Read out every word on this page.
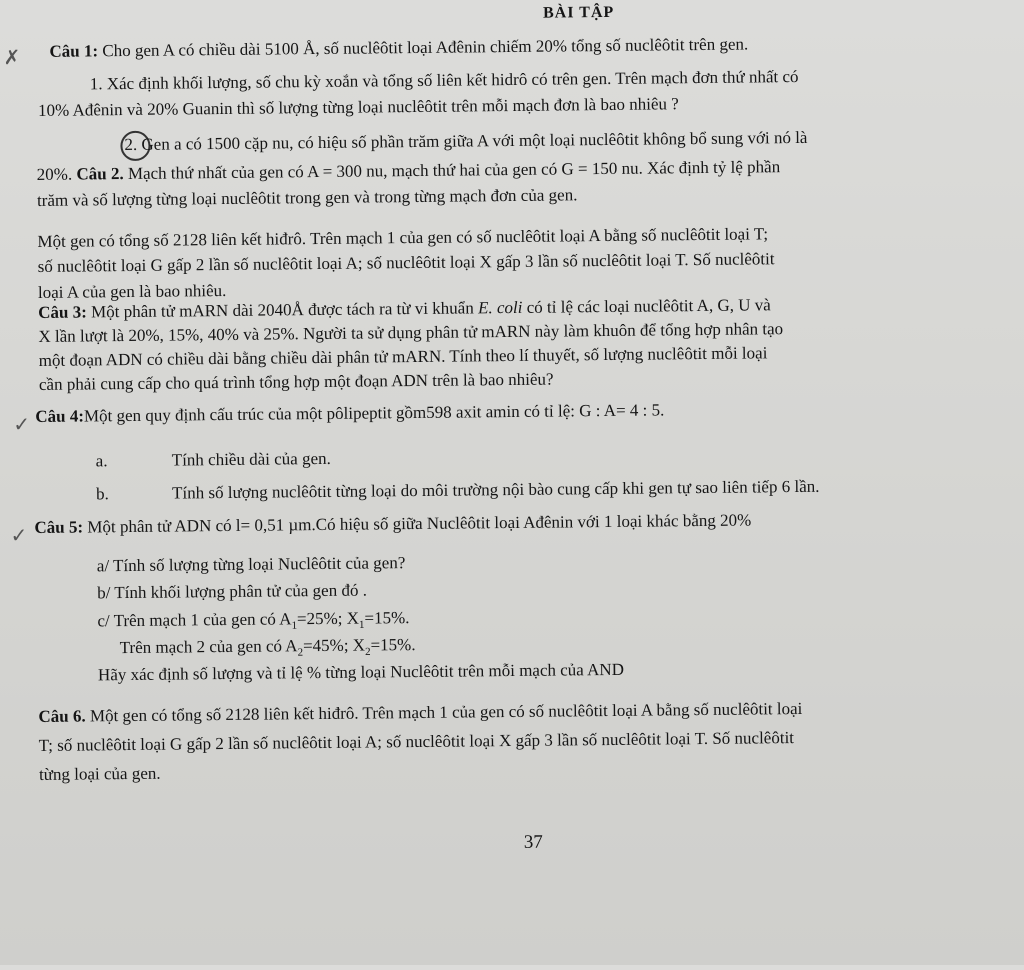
BÀI TẬP
✗ Câu 1: Cho gen A có chiều dài 5100 Å, số nuclêôtit loại Ađênin chiếm 20% tổng số nuclêôtit trên gen.
1. Xác định khối lượng, số chu kỳ xoắn và tổng số liên kết hidrô có trên gen. Trên mạch đơn thứ nhất có
10% Ađênin và 20% Guanin thì số lượng từng loại nuclêôtit trên mỗi mạch đơn là bao nhiêu ?
2. Gen a có 1500 cặp nu, có hiệu số phần trăm giữa A với một loại nuclêôtit không bổ sung với nó là
20%. Câu 2. Mạch thứ nhất của gen có A = 300 nu, mạch thứ hai của gen có G = 150 nu. Xác định tỷ lệ phần
trăm và số lượng từng loại nuclêôtit trong gen và trong từng mạch đơn của gen.
Một gen có tổng số 2128 liên kết hiđrô. Trên mạch 1 của gen có số nuclêôtit loại A bằng số nuclêôtit loại T;
số nuclêôtit loại G gấp 2 lần số nuclêôtit loại A; số nuclêôtit loại X gấp 3 lần số nuclêôtit loại T. Số nuclêôtit
loại A của gen là bao nhiêu.
Câu 3: Một phân tử mARN dài 2040Å được tách ra từ vi khuẩn E. coli có tỉ lệ các loại nuclêôtit A, G, U và
X lần lượt là 20%, 15%, 40% và 25%. Người ta sử dụng phân tử mARN này làm khuôn để tổng hợp nhân tạo
một đoạn ADN có chiều dài bằng chiều dài phân tử mARN. Tính theo lí thuyết, số lượng nuclêôtit mỗi loại
cần phải cung cấp cho quá trình tổng hợp một đoạn ADN trên là bao nhiêu?
✓ Câu 4:Một gen quy định cấu trúc của một pôlipeptit gồm598 axit amin có tỉ lệ: G : A= 4 : 5.
a.	Tính chiều dài của gen.
b.	Tính số lượng nuclêôtit từng loại do môi trường nội bào cung cấp khi gen tự sao liên tiếp 6 lần.
✓ Câu 5: Một phân tử ADN có l= 0,51 µm.Có hiệu số giữa Nuclêôtit loại Ađênin với 1 loại khác bằng 20%
a/ Tính số lượng từng loại Nuclêôtit của gen?
b/ Tính khối lượng phân tử của gen đó .
c/ Trên mạch 1 của gen có $A_1=25\%$; $X_1=15\%$.
Trên mạch 2 của gen có $A_2=45\%$; $X_2=15\%$.
Hãy xác định số lượng và tỉ lệ % từng loại Nuclêôtit trên mỗi mạch của AND
Câu 6. Một gen có tổng số 2128 liên kết hiđrô. Trên mạch 1 của gen có số nuclêôtit loại A bằng số nuclêôtit loại
T; số nuclêôtit loại G gấp 2 lần số nuclêôtit loại A; số nuclêôtit loại X gấp 3 lần số nuclêôtit loại T. Số nuclêôtit
từng loại của gen.
37
